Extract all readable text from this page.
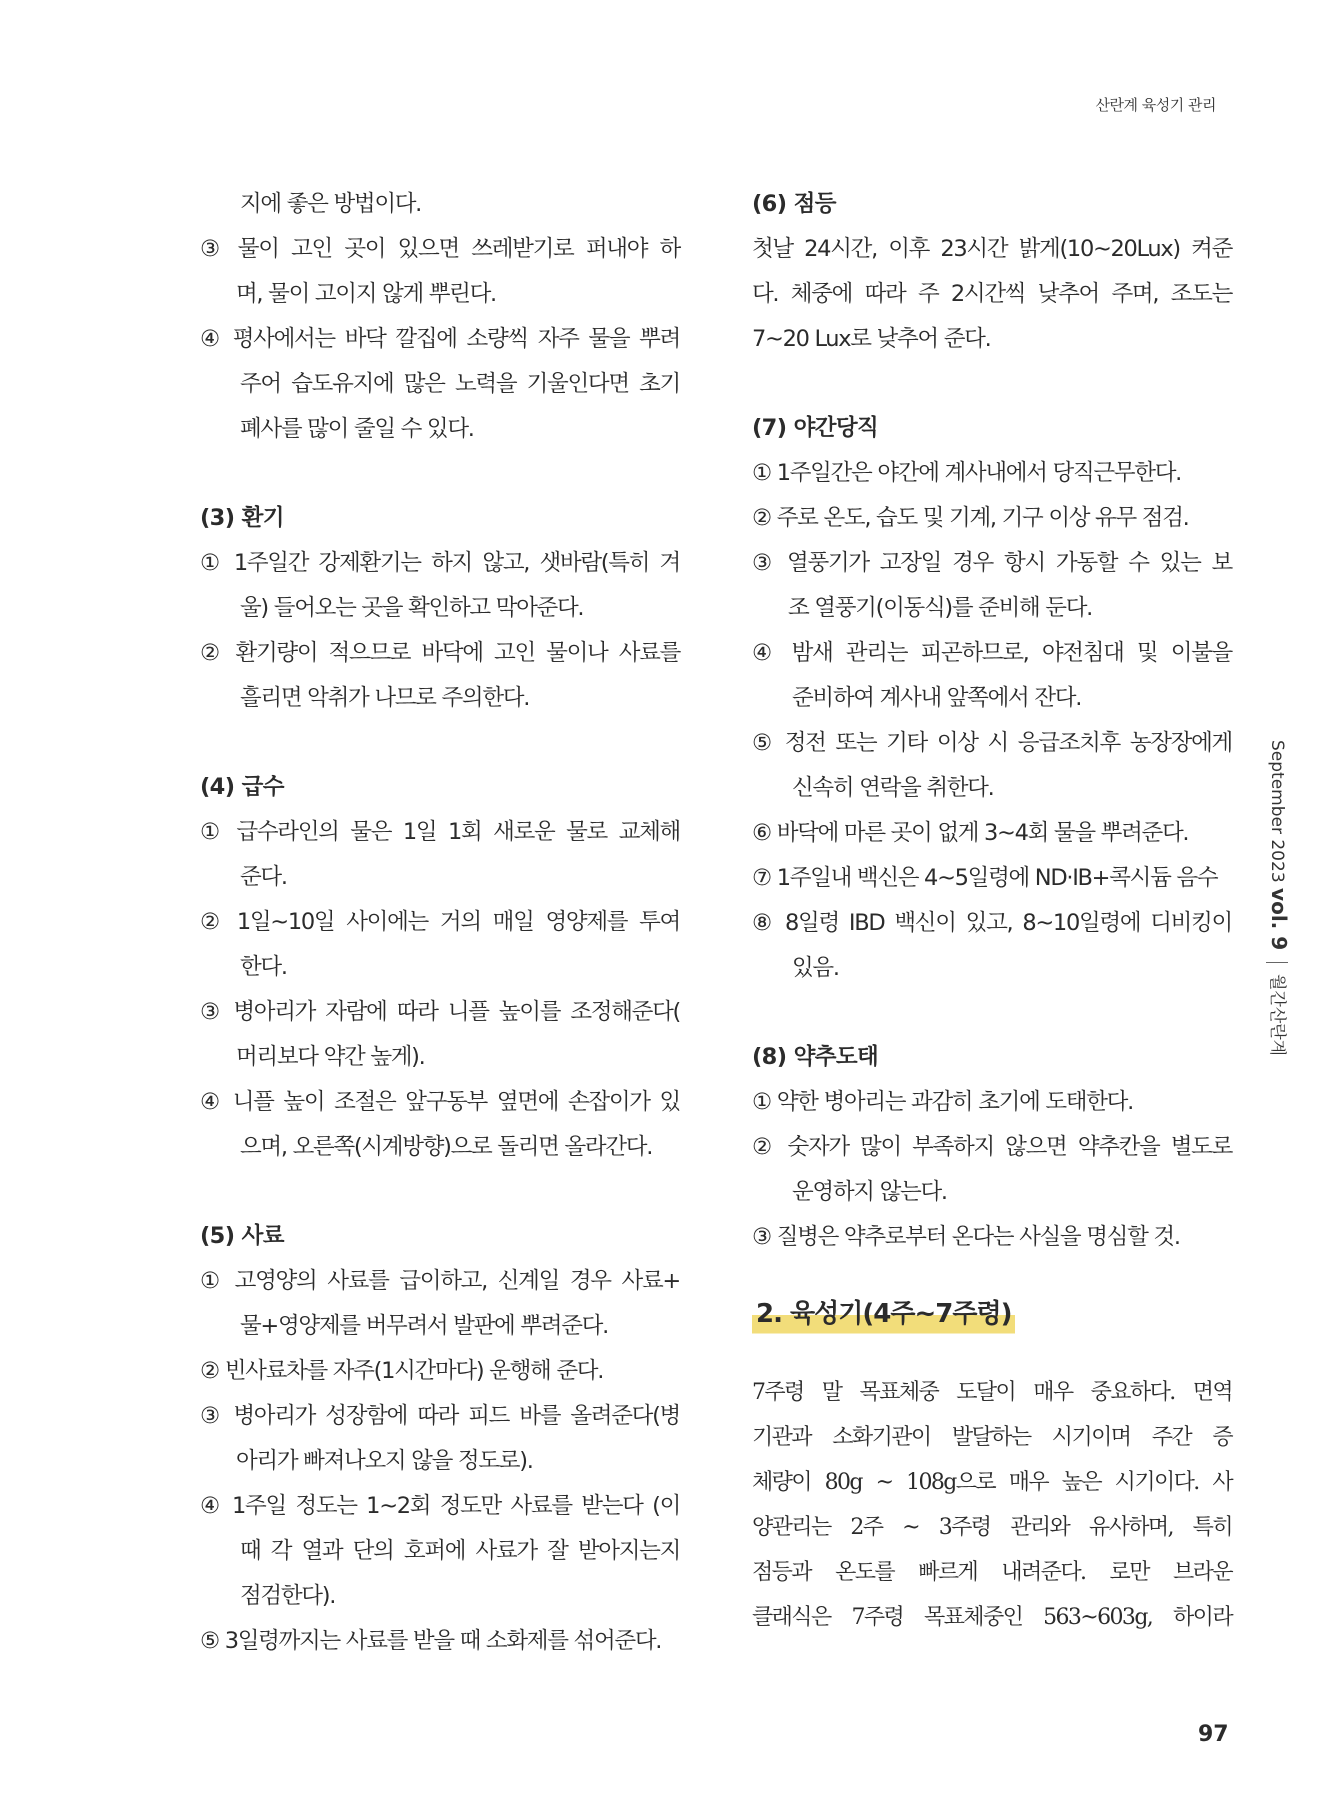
산란계 육성기 관리
지에 좋은 방법이다.
③ 물이 고인 곳이 있으면 쓰레받기로 퍼내야 하
며, 물이 고이지 않게 뿌린다.
④ 평사에서는 바닥 깔집에 소량씩 자주 물을 뿌려
주어 습도유지에 많은 노력을 기울인다면 초기
폐사를 많이 줄일 수 있다.
(3) 환기
① 1주일간 강제환기는 하지 않고, 샛바람(특히 겨
울) 들어오는 곳을 확인하고 막아준다.
② 환기량이 적으므로 바닥에 고인 물이나 사료를
흘리면 악취가 나므로 주의한다.
(4) 급수
① 급수라인의 물은 1일 1회 새로운 물로 교체해
준다.
② 1일~10일 사이에는 거의 매일 영양제를 투여
한다.
③ 병아리가 자람에 따라 니플 높이를 조정해준다(
머리보다 약간 높게).
④ 니플 높이 조절은 앞구동부 옆면에 손잡이가 있
으며, 오른쪽(시계방향)으로 돌리면 올라간다.
(5) 사료
① 고영양의 사료를 급이하고, 신계일 경우 사료+
물+영양제를 버무려서 발판에 뿌려준다.
② 빈사료차를 자주(1시간마다) 운행해 준다.
③ 병아리가 성장함에 따라 피드 바를 올려준다(병
아리가 빠져나오지 않을 정도로).
④ 1주일 정도는 1~2회 정도만 사료를 받는다 (이
때 각 열과 단의 호퍼에 사료가 잘 받아지는지
점검한다).
⑤ 3일령까지는 사료를 받을 때 소화제를 섞어준다.
(6) 점등
첫날 24시간, 이후 23시간 밝게(10~20Lux) 켜준
다. 체중에 따라 주 2시간씩 낮추어 주며, 조도는
7~20 Lux로 낮추어 준다.
(7) 야간당직
① 1주일간은 야간에 계사내에서 당직근무한다.
② 주로 온도, 습도 및 기계, 기구 이상 유무 점검.
③ 열풍기가 고장일 경우 항시 가동할 수 있는 보
조 열풍기(이동식)를 준비해 둔다.
④ 밤새 관리는 피곤하므로, 야전침대 및 이불을
준비하여 계사내 앞쪽에서 잔다.
⑤ 정전 또는 기타 이상 시 응급조치후 농장장에게
신속히 연락을 취한다.
⑥ 바닥에 마른 곳이 없게 3~4회 물을 뿌려준다.
⑦ 1주일내 백신은 4~5일령에 ND·IB+콕시듐 음수
⑧ 8일령 IBD 백신이 있고, 8~10일령에 디비킹이
있음.
(8) 약추도태
① 약한 병아리는 과감히 초기에 도태한다.
② 숫자가 많이 부족하지 않으면 약추칸을 별도로
운영하지 않는다.
③ 질병은 약추로부터 온다는 사실을 명심할 것.
2. 육성기(4주~7주령)
7주령 말 목표체중 도달이 매우 중요하다. 면역
기관과 소화기관이 발달하는 시기이며 주간 증
체량이 80g ~ 108g으로 매우 높은 시기이다. 사
양관리는 2주 ~ 3주령 관리와 유사하며, 특히
점등과 온도를 빠르게 내려준다. 로만 브라운
클래식은 7주령 목표체중인 563~603g, 하이라
September 2023 vol. 9  월간산란계
97
